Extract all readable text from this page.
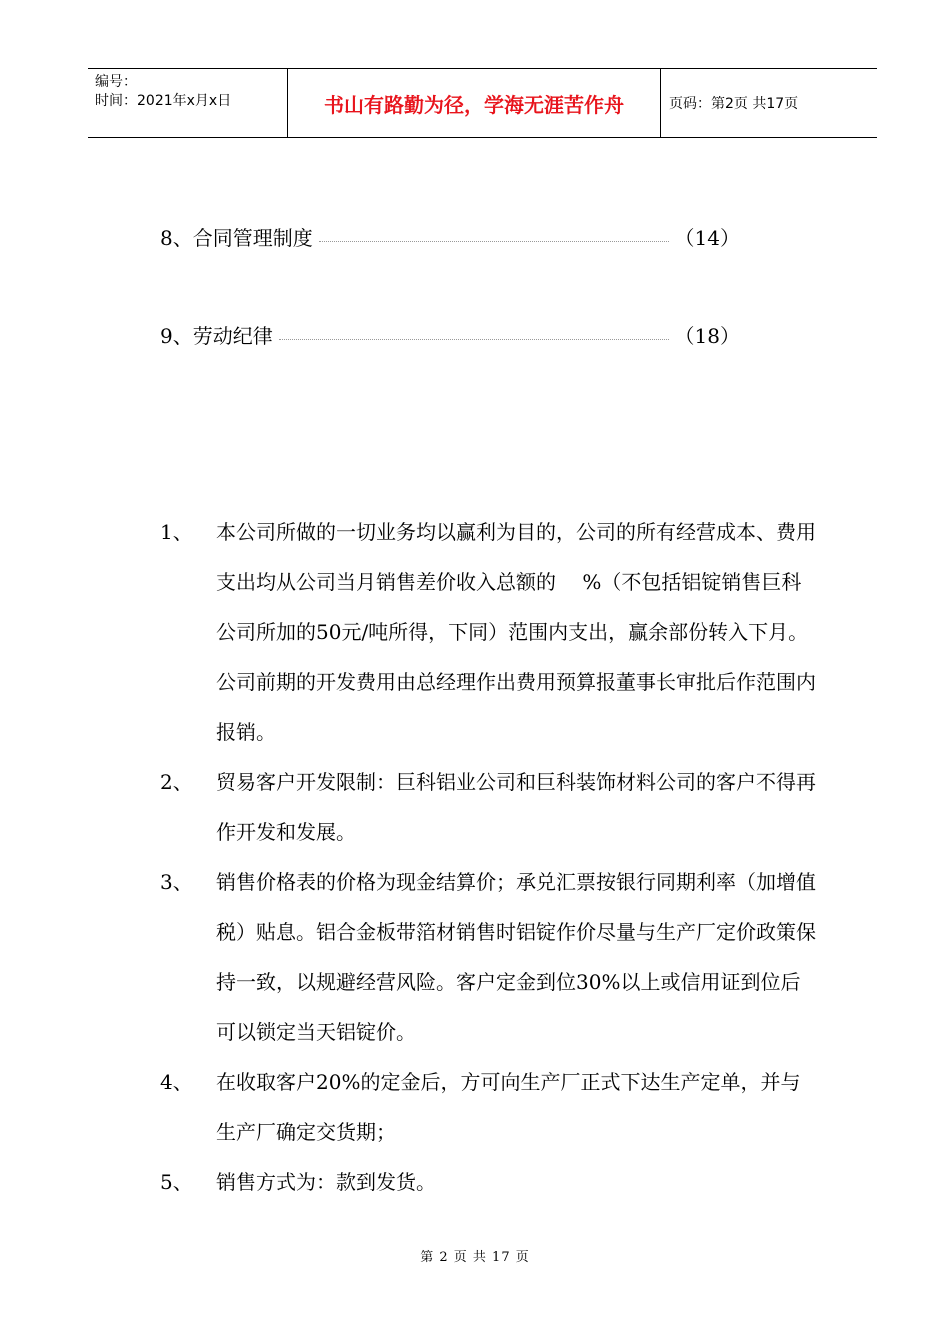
编号：
时间：2021年x月x日	书山有路勤为径，学海无涯苦作舟	页码：第2页 共17页
8、合同管理制度	（14）
9、劳动纪律	（18）
1、 本公司所做的一切业务均以赢利为目的，公司的所有经营成本、费用支出均从公司当月销售差价收入总额的　 %（不包括铝锭销售巨科公司所加的50元/吨所得，下同）范围内支出，赢余部份转入下月。公司前期的开发费用由总经理作出费用预算报董事长审批后作范围内报销。
2、 贸易客户开发限制：巨科铝业公司和巨科装饰材料公司的客户不得再作开发和发展。
3、 销售价格表的价格为现金结算价；承兑汇票按银行同期利率（加增值税）贴息。铝合金板带箔材销售时铝锭作价尽量与生产厂定价政策保持一致，以规避经营风险。客户定金到位30%以上或信用证到位后可以锁定当天铝锭价。
4、 在收取客户20%的定金后，方可向生产厂正式下达生产定单，并与生产厂确定交货期；
5、 销售方式为：款到发货。
第 2 页 共 17 页
